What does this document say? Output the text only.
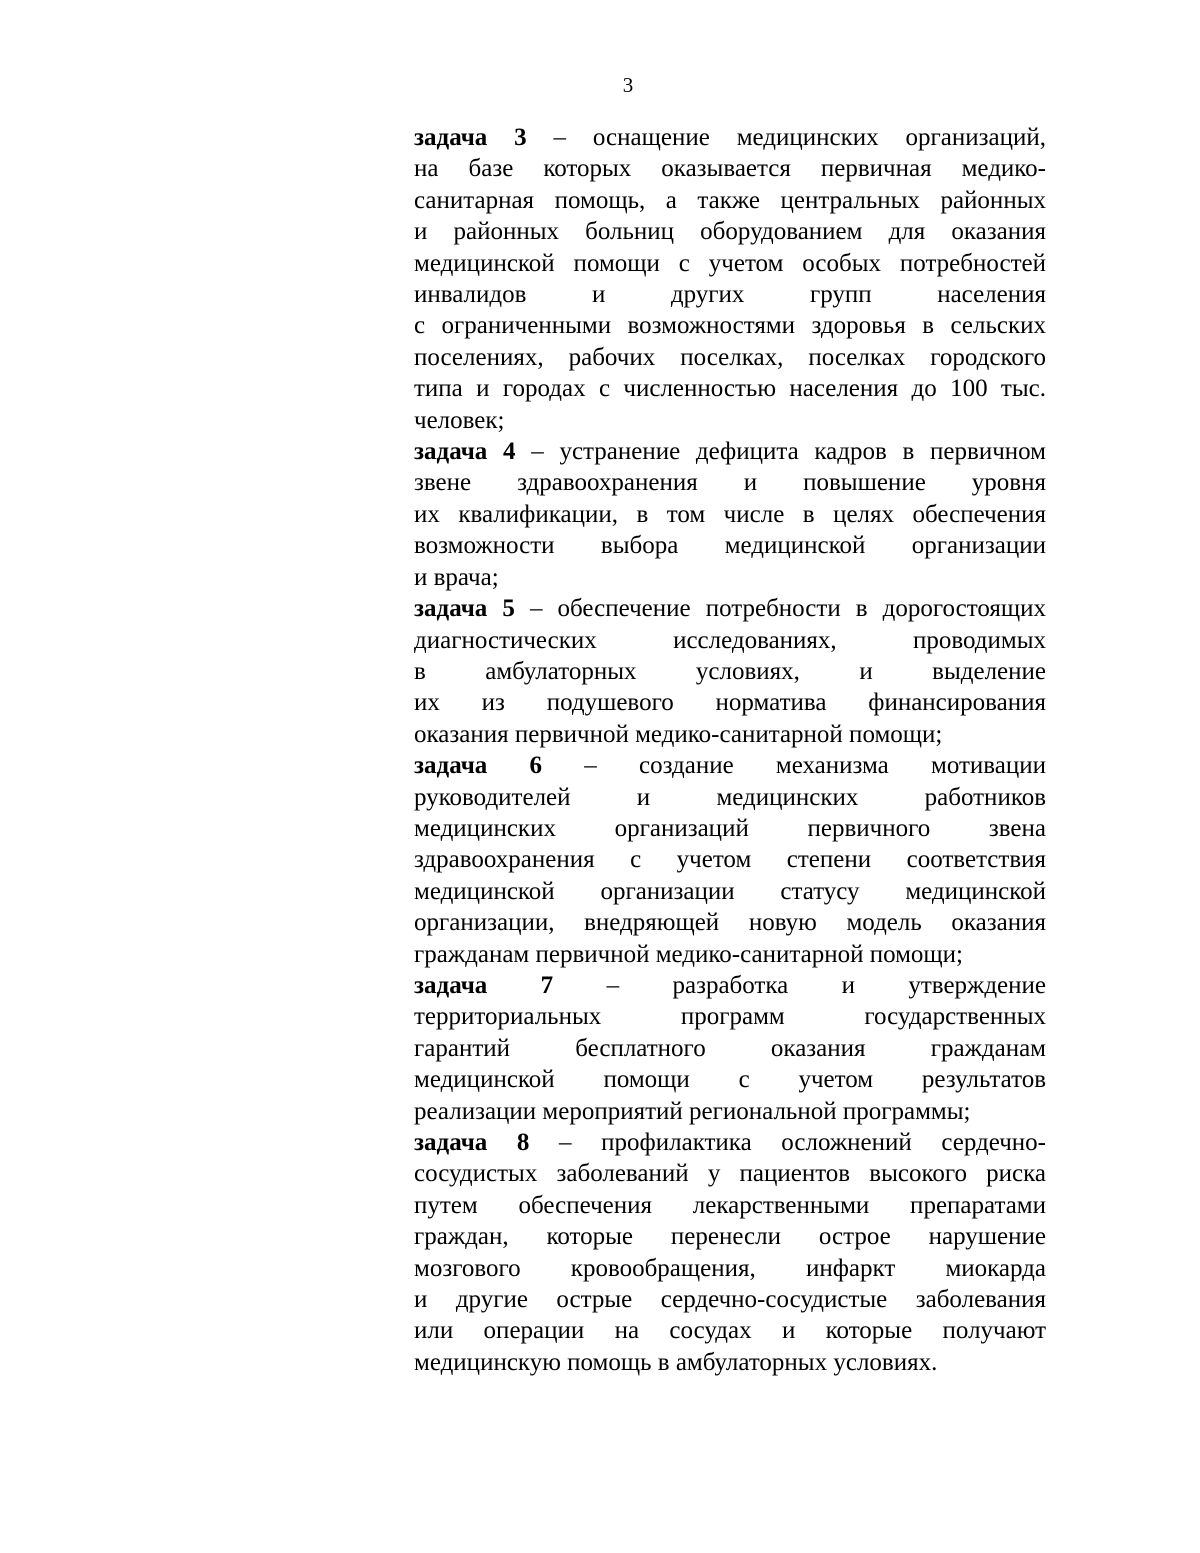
3

задача 3 – оснащение медицинских организаций,
на базе которых оказывается первичная медико-
санитарная помощь, а также центральных районных
и районных больниц оборудованием для оказания
медицинской помощи с учетом особых потребностей
инвалидов и других групп населения
с ограниченными возможностями здоровья в сельских
поселениях, рабочих поселках, поселках городского
типа и городах с численностью населения до 100 тыс.
человек;

задача 4 – устранение дефицита кадров в первичном
звене здравоохранения и повышение уровня
их квалификации, в том числе в целях обеспечения
возможности выбора медицинской организации
и врача;

задача 5 – обеспечение потребности в дорогостоящих
диагностических исследованиях, проводимых
в амбулаторных условиях, и выделение
их из подушевого норматива финансирования
оказания первичной медико-санитарной помощи;

задача 6 – создание механизма мотивации
руководителей и медицинских работников
медицинских организаций первичного звена
здравоохранения с учетом степени соответствия
медицинской организации статусу медицинской
организации, внедряющей новую модель оказания
гражданам первичной медико-санитарной помощи;

задача 7 – разработка и утверждение
территориальных программ государственных
гарантий бесплатного оказания гражданам
медицинской помощи с учетом результатов
реализации мероприятий региональной программы;

задача 8 – профилактика осложнений сердечно-
сосудистых заболеваний у пациентов высокого риска
путем обеспечения лекарственными препаратами
граждан, которые перенесли острое нарушение
мозгового кровообращения, инфаркт миокарда
и другие острые сердечно-сосудистые заболевания
или операции на сосудах и которые получают
медицинскую помощь в амбулаторных условиях.
